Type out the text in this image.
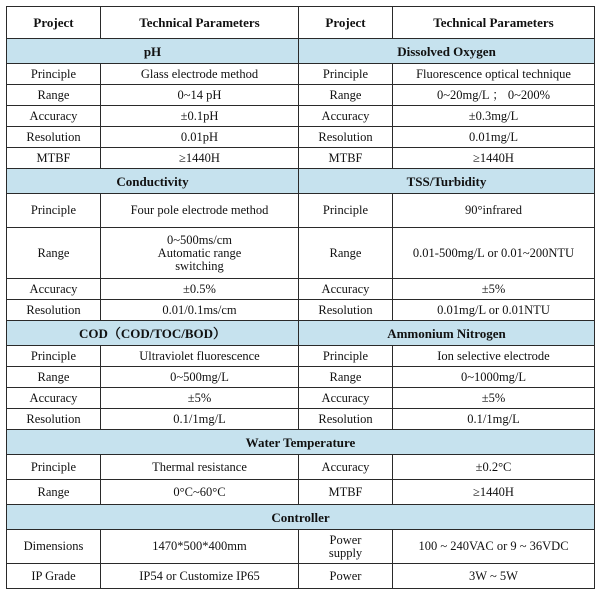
Project	Technical Parameters	Project	Technical Parameters
pH		Dissolved Oxygen	
Principle	Glass electrode method	Principle	Fluorescence optical technique
Range	0~14 pH	Range	0~20mg/L ； 0~200%
Accuracy	±0.1pH	Accuracy	±0.3mg/L
Resolution	0.01pH	Resolution	0.01mg/L
MTBF	≥1440H	MTBF	≥1440H
Conductivity		TSS/Turbidity	
Principle	Four pole electrode method	Principle	90°infrared
Range	0~500ms/cm
Automatic range
switching	Range	0.01-500mg/L or 0.01~200NTU
Accuracy	±0.5%	Accuracy	±5%
Resolution	0.01/0.1ms/cm	Resolution	0.01mg/L or 0.01NTU
COD（COD/TOC/BOD）		Ammonium Nitrogen	
Principle	Ultraviolet fluorescence	Principle	Ion selective electrode
Range	0~500mg/L	Range	0~1000mg/L
Accuracy	±5%	Accuracy	±5%
Resolution	0.1/1mg/L	Resolution	0.1/1mg/L
Water Temperature			
Principle	Thermal resistance	Accuracy	±0.2°C
Range	0°C~60°C	MTBF	≥1440H
Controller			
Dimensions	1470*500*400mm	Power
supply	100 ~ 240VAC or 9 ~ 36VDC
IP Grade	IP54 or Customize IP65	Power	3W ~ 5W
